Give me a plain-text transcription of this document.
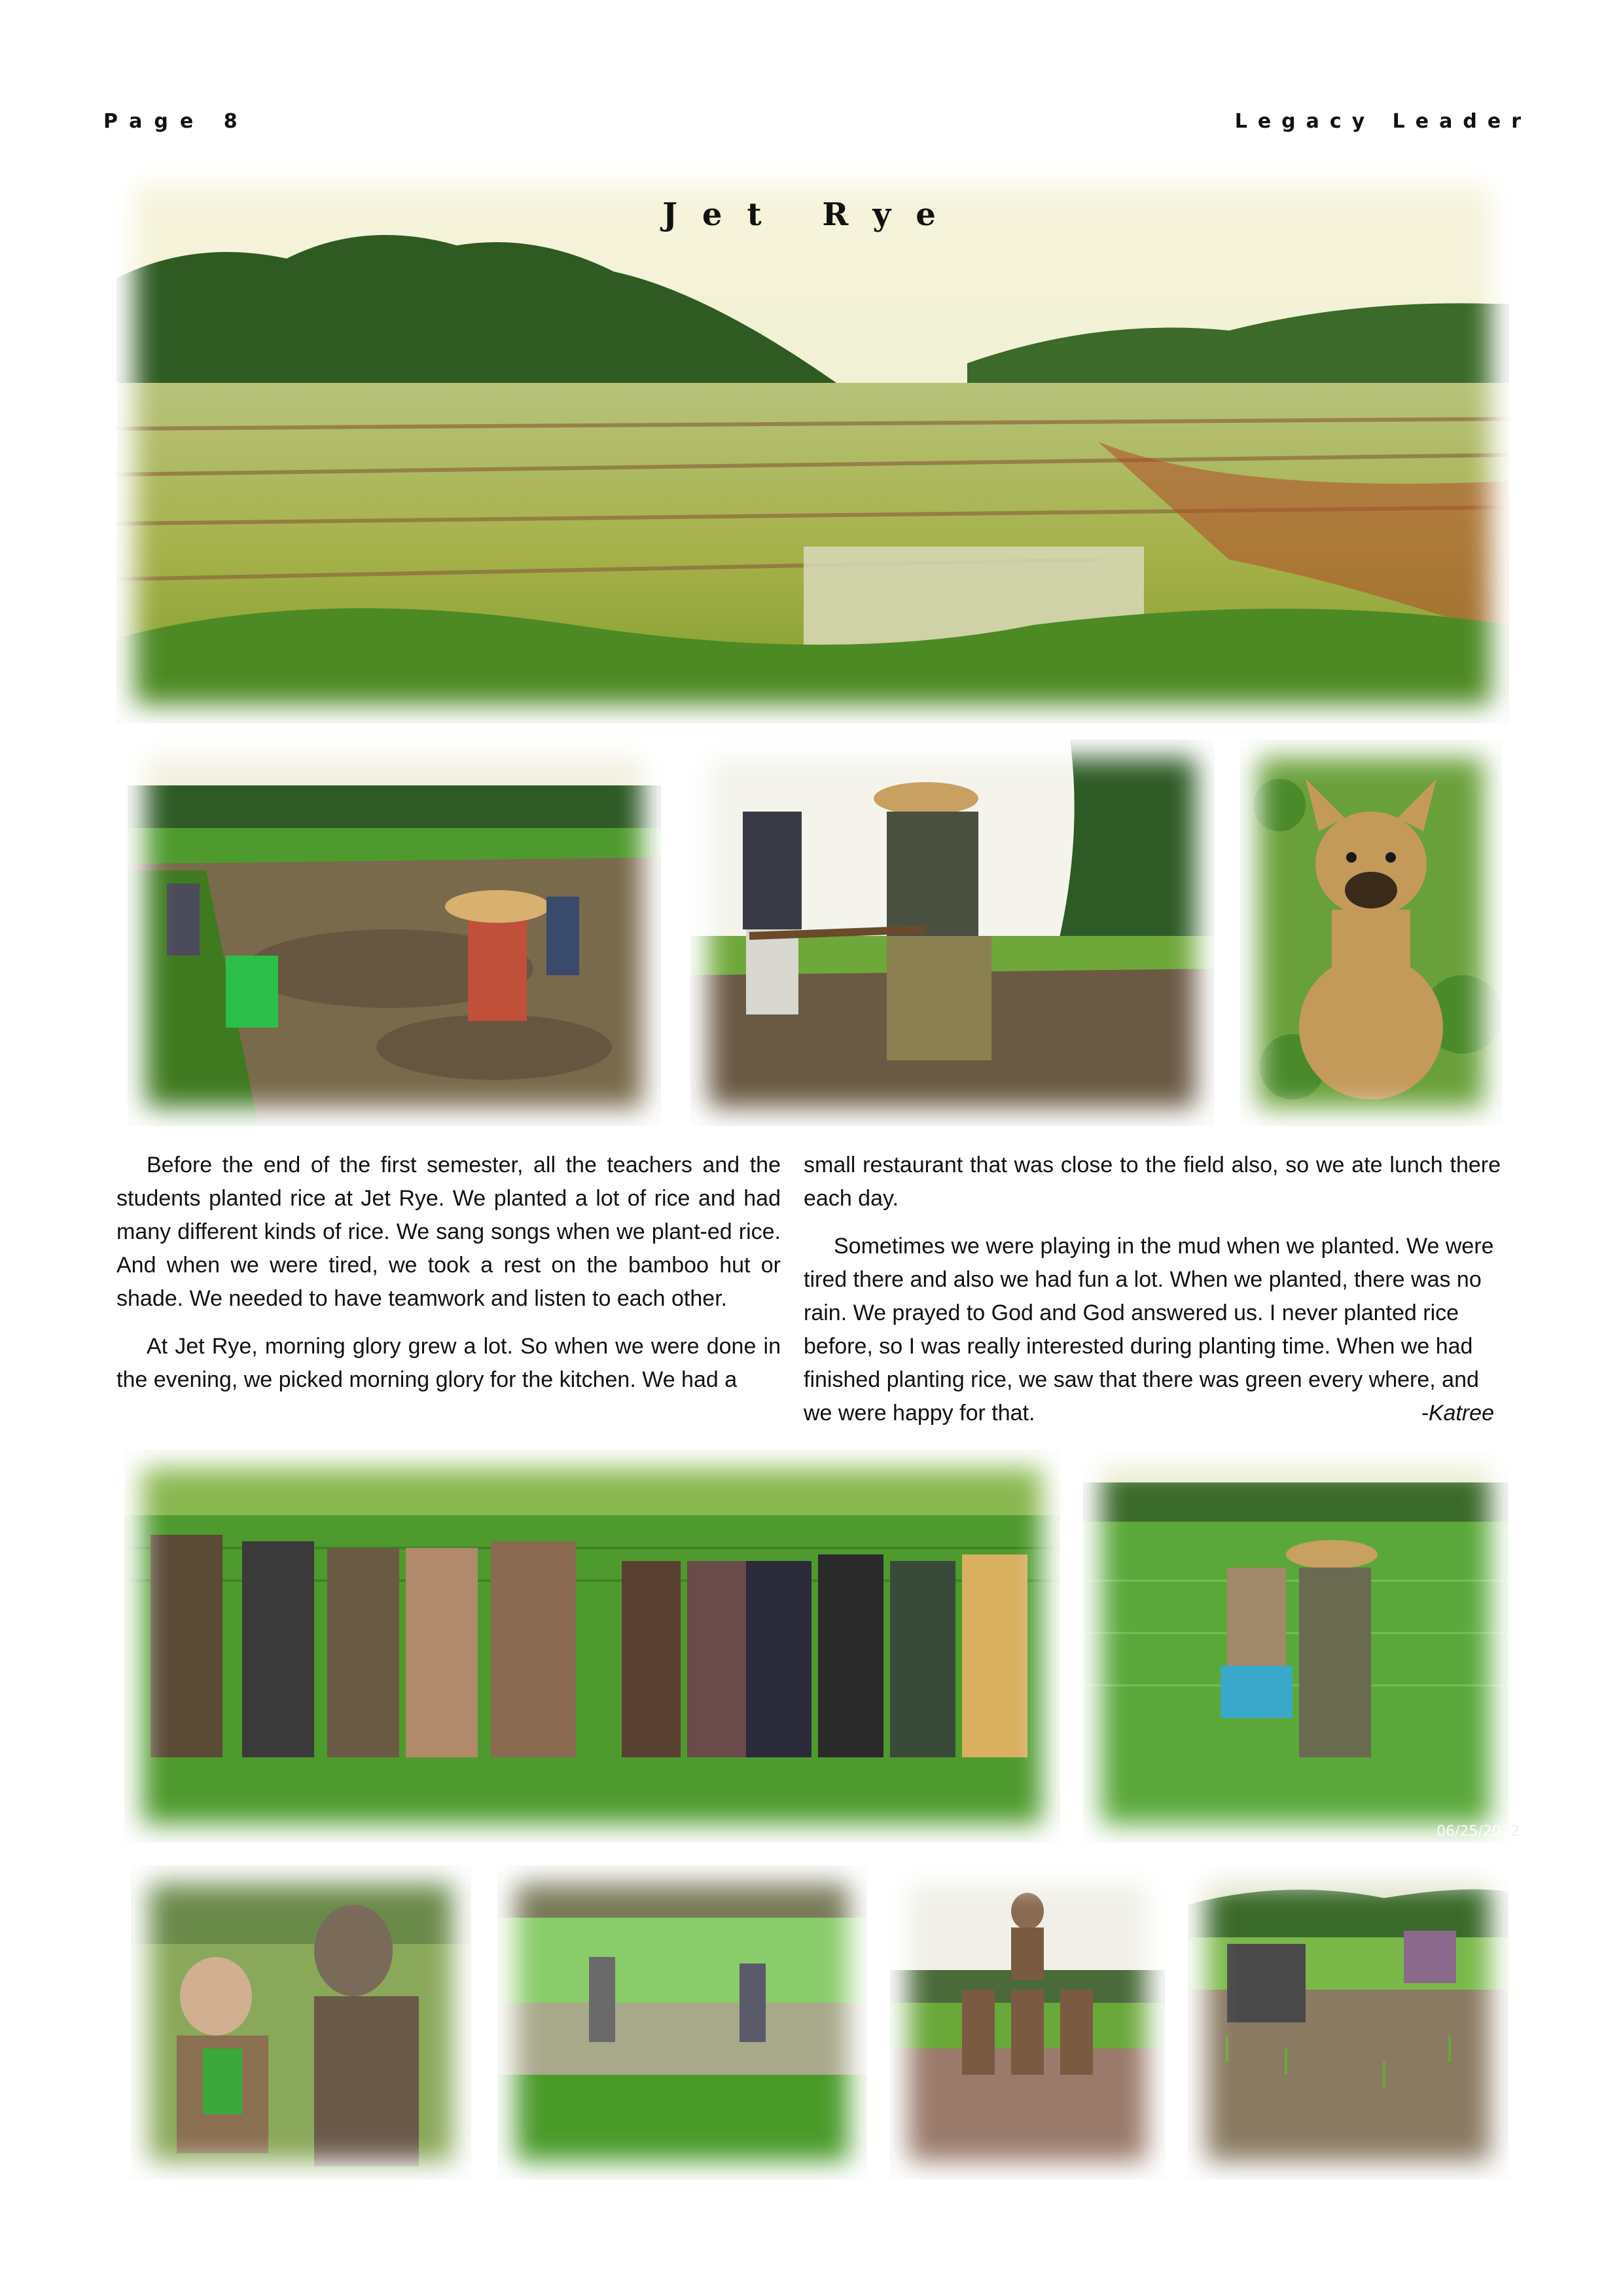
Page 8	Legacy Leader
Jet Rye

Before the end of the first semester, all the teachers and the students planted rice at Jet Rye. We planted a lot of rice and had many different kinds of rice. We sang songs when we plant-ed rice. And when we were tired, we took a rest on the bamboo hut or shade. We needed to have teamwork and listen to each other.

At Jet Rye, morning glory grew a lot. So when we were done in the evening, we picked morning glory for the kitchen. We had a

small restaurant that was close to the field also, so we ate lunch there each day.

Sometimes we were playing in the mud when we planted. We were tired there and also we had fun a lot. When we planted, there was no rain. We prayed to God and God answered us. I never planted rice before, so I was really interested during planting time. When we had finished planting rice, we saw that there was green every where, and we were happy for that.	-Katree

06/25/2012
